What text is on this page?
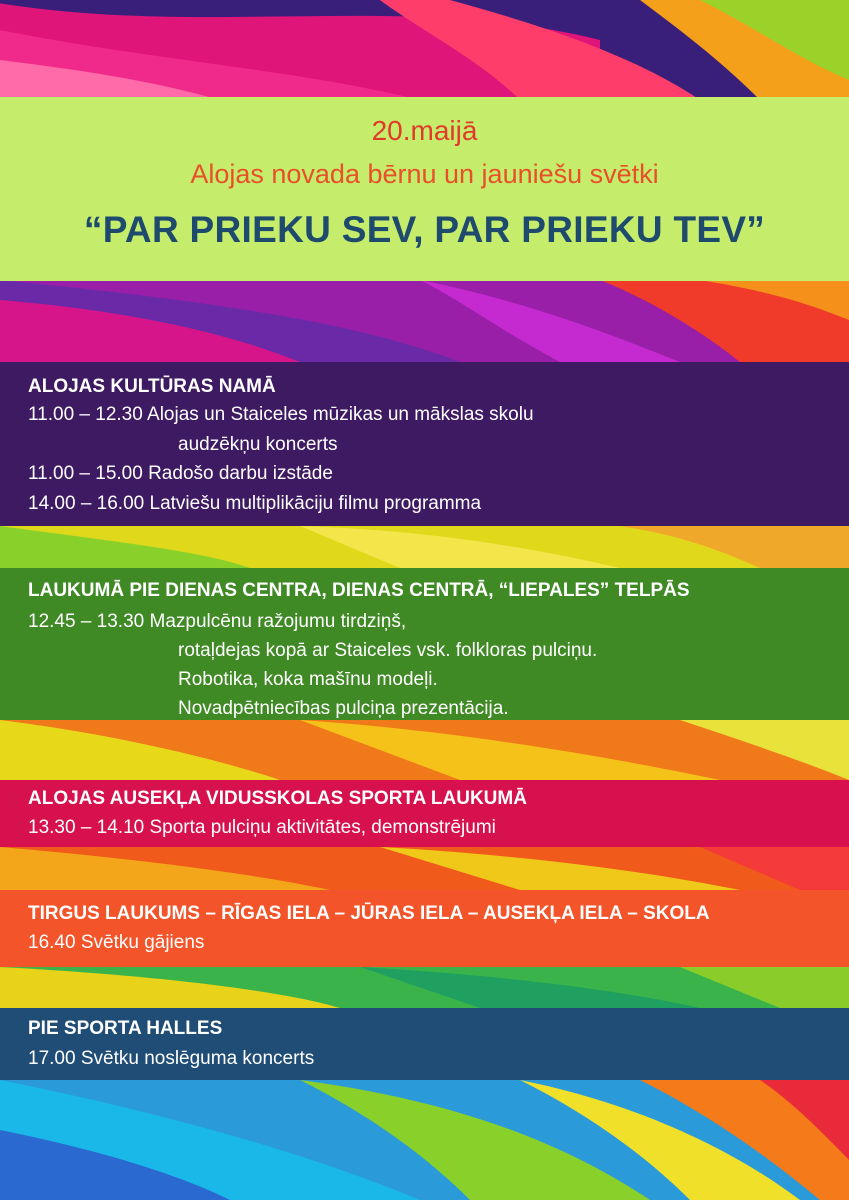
20.maijā
Alojas novada bērnu un jauniešu svētki
“PAR PRIEKU SEV, PAR PRIEKU TEV”
ALOJAS KULTŪRAS NAMĀ
11.00 – 12.30 Alojas un Staiceles mūzikas un mākslas skolu
audzēkņu koncerts
11.00 – 15.00 Radošo darbu izstāde
14.00 – 16.00 Latviešu multiplikāciju filmu programma
LAUKUMĀ PIE DIENAS CENTRA, DIENAS CENTRĀ, “LIEPALES” TELPĀS
12.45 – 13.30 Mazpulcēnu ražojumu tirdziņš,
rotaļdejas kopā ar Staiceles vsk. folkloras pulciņu.
Robotika, koka mašīnu modeļi.
Novadpētniecības pulciņa prezentācija.
ALOJAS AUSEKĻA VIDUSSKOLAS SPORTA LAUKUMĀ
13.30 – 14.10 Sporta pulciņu aktivitātes, demonstrējumi
TIRGUS LAUKUMS – RĪGAS IELA – JŪRAS IELA – AUSEKĻA IELA – SKOLA
16.40 Svētku gājiens
PIE SPORTA HALLES
17.00 Svētku noslēguma koncerts
